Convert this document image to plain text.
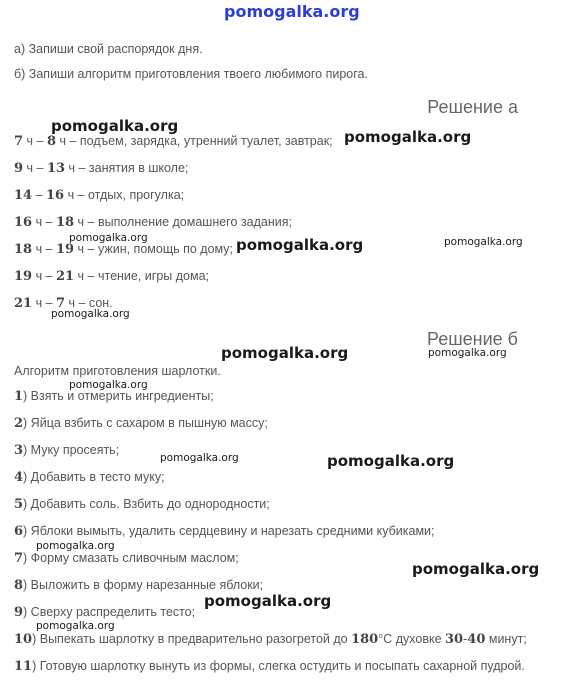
pomogalka.org
а) Запиши свой распорядок дня.
б) Запиши алгоритм приготовления твоего любимого пирога.
Решение а
7 ч – 8 ч – подъем, зарядка, утренний туалет, завтрак;
9 ч – 13 ч – занятия в школе;
14 – 16 ч – отдых, прогулка;
16 ч – 18 ч – выполнение домашнего задания;
18 ч – 19 ч – ужин, помощь по дому;
19 ч – 21 ч – чтение, игры дома;
21 ч – 7 ч – сон.
Решение б
Алгоритм приготовления шарлотки.
1) Взять и отмерить ингредиенты;
2) Яйца взбить с сахаром в пышную массу;
3) Муку просеять;
4) Добавить в тесто муку;
5) Добавить соль. Взбить до однородности;
6) Яблоки вымыть, удалить сердцевину и нарезать средними кубиками;
7) Форму смазать сливочным маслом;
8) Выложить в форму нарезанные яблоки;
9) Сверху распределить тесто;
10) Выпекать шарлотку в предварительно разогретой до 180°C духовке 30-40 минут;
11) Готовую шарлотку вынуть из формы, слегка остудить и посыпать сахарной пудрой.
pomogalka.org
pomogalka.org
pomogalka.org	pomogalka.org	pomogalka.org
pomogalka.org
pomogalka.org	pomogalka.org
pomogalka.org
pomogalka.org	pomogalka.org
pomogalka.org
pomogalka.org
pomogalka.org
pomogalka.org
